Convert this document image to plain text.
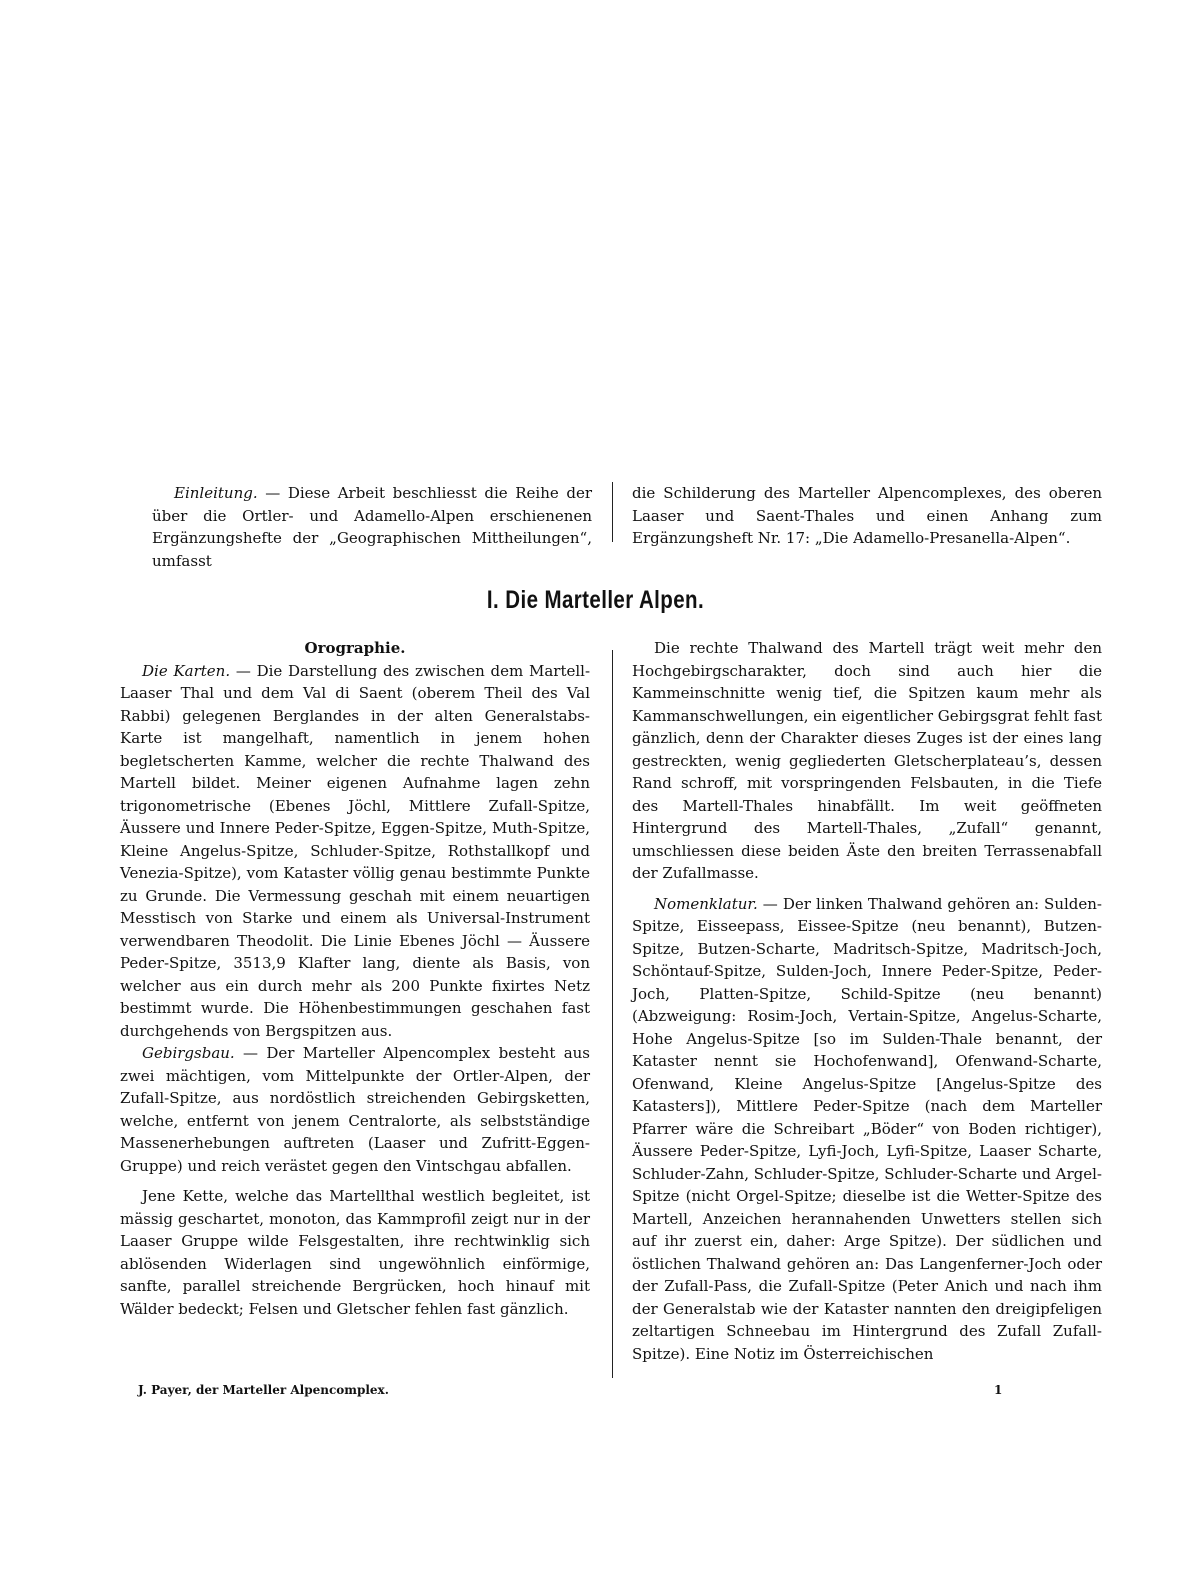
Einleitung. — Diese Arbeit beschliesst die Reihe der über die Ortler- und Adamello-Alpen erschienenen Ergänzungshefte der „Geographischen Mittheilungen“, umfasst

die Schilderung des Marteller Alpencomplexes, des oberen Laaser und Saent-Thales und einen Anhang zum Ergänzungsheft Nr. 17: „Die Adamello-Presanella-Alpen“.

I. Die Marteller Alpen.

Orographie.

Die Karten. — Die Darstellung des zwischen dem Martell-Laaser Thal und dem Val di Saent (oberem Theil des Val Rabbi) gelegenen Berglandes in der alten Generalstabs-Karte ist mangelhaft, namentlich in jenem hohen begletscherten Kamme, welcher die rechte Thalwand des Martell bildet. Meiner eigenen Aufnahme lagen zehn trigonometrische (Ebenes Jöchl, Mittlere Zufall-Spitze, Äussere und Innere Peder-Spitze, Eggen-Spitze, Muth-Spitze, Kleine Angelus-Spitze, Schluder-Spitze, Rothstallkopf und Venezia-Spitze), vom Kataster völlig genau bestimmte Punkte zu Grunde. Die Vermessung geschah mit einem neuartigen Messtisch von Starke und einem als Universal-Instrument verwendbaren Theodolit. Die Linie Ebenes Jöchl — Äussere Peder-Spitze, 3513,9 Klafter lang, diente als Basis, von welcher aus ein durch mehr als 200 Punkte fixirtes Netz bestimmt wurde. Die Höhenbestimmungen geschahen fast durchgehends von Bergspitzen aus.

Gebirgsbau. — Der Marteller Alpencomplex besteht aus zwei mächtigen, vom Mittelpunkte der Ortler-Alpen, der Zufall-Spitze, aus nordöstlich streichenden Gebirgsketten, welche, entfernt von jenem Centralorte, als selbstständige Massenerhebungen auftreten (Laaser und Zufritt-Eggen-Gruppe) und reich verästet gegen den Vintschgau abfallen.

Jene Kette, welche das Martellthal westlich begleitet, ist mässig geschartet, monoton, das Kammprofil zeigt nur in der Laaser Gruppe wilde Felsgestalten, ihre rechtwinklig sich ablösenden Widerlagen sind ungewöhnlich einförmige, sanfte, parallel streichende Bergrücken, hoch hinauf mit Wälder bedeckt; Felsen und Gletscher fehlen fast gänzlich.

Die rechte Thalwand des Martell trägt weit mehr den Hochgebirgscharakter, doch sind auch hier die Kammeinschnitte wenig tief, die Spitzen kaum mehr als Kammanschwellungen, ein eigentlicher Gebirgsgrat fehlt fast gänzlich, denn der Charakter dieses Zuges ist der eines lang gestreckten, wenig gegliederten Gletscherplateau’s, dessen Rand schroff, mit vorspringenden Felsbauten, in die Tiefe des Martell-Thales hinabfällt. Im weit geöffneten Hintergrund des Martell-Thales, „Zufall“ genannt, umschliessen diese beiden Äste den breiten Terrassenabfall der Zufallmasse.

Nomenklatur. — Der linken Thalwand gehören an: Sulden-Spitze, Eisseepass, Eissee-Spitze (neu benannt), Butzen-Spitze, Butzen-Scharte, Madritsch-Spitze, Madritsch-Joch, Schöntauf-Spitze, Sulden-Joch, Innere Peder-Spitze, Peder-Joch, Platten-Spitze, Schild-Spitze (neu benannt) (Abzweigung: Rosim-Joch, Vertain-Spitze, Angelus-Scharte, Hohe Angelus-Spitze [so im Sulden-Thale benannt, der Kataster nennt sie Hochofenwand], Ofenwand-Scharte, Ofenwand, Kleine Angelus-Spitze [Angelus-Spitze des Katasters]), Mittlere Peder-Spitze (nach dem Marteller Pfarrer wäre die Schreibart „Böder“ von Boden richtiger), Äussere Peder-Spitze, Lyfi-Joch, Lyfi-Spitze, Laaser Scharte, Schluder-Zahn, Schluder-Spitze, Schluder-Scharte und Argel-Spitze (nicht Orgel-Spitze; dieselbe ist die Wetter-Spitze des Martell, Anzeichen herannahenden Unwetters stellen sich auf ihr zuerst ein, daher: Arge Spitze). Der südlichen und östlichen Thalwand gehören an: Das Langenferner-Joch oder der Zufall-Pass, die Zufall-Spitze (Peter Anich und nach ihm der Generalstab wie der Kataster nannten den dreigipfeligen zeltartigen Schneebau im Hintergrund des Zufall Zufall-Spitze). Eine Notiz im Österreichischen

J. Payer, der Marteller Alpencomplex.	1
